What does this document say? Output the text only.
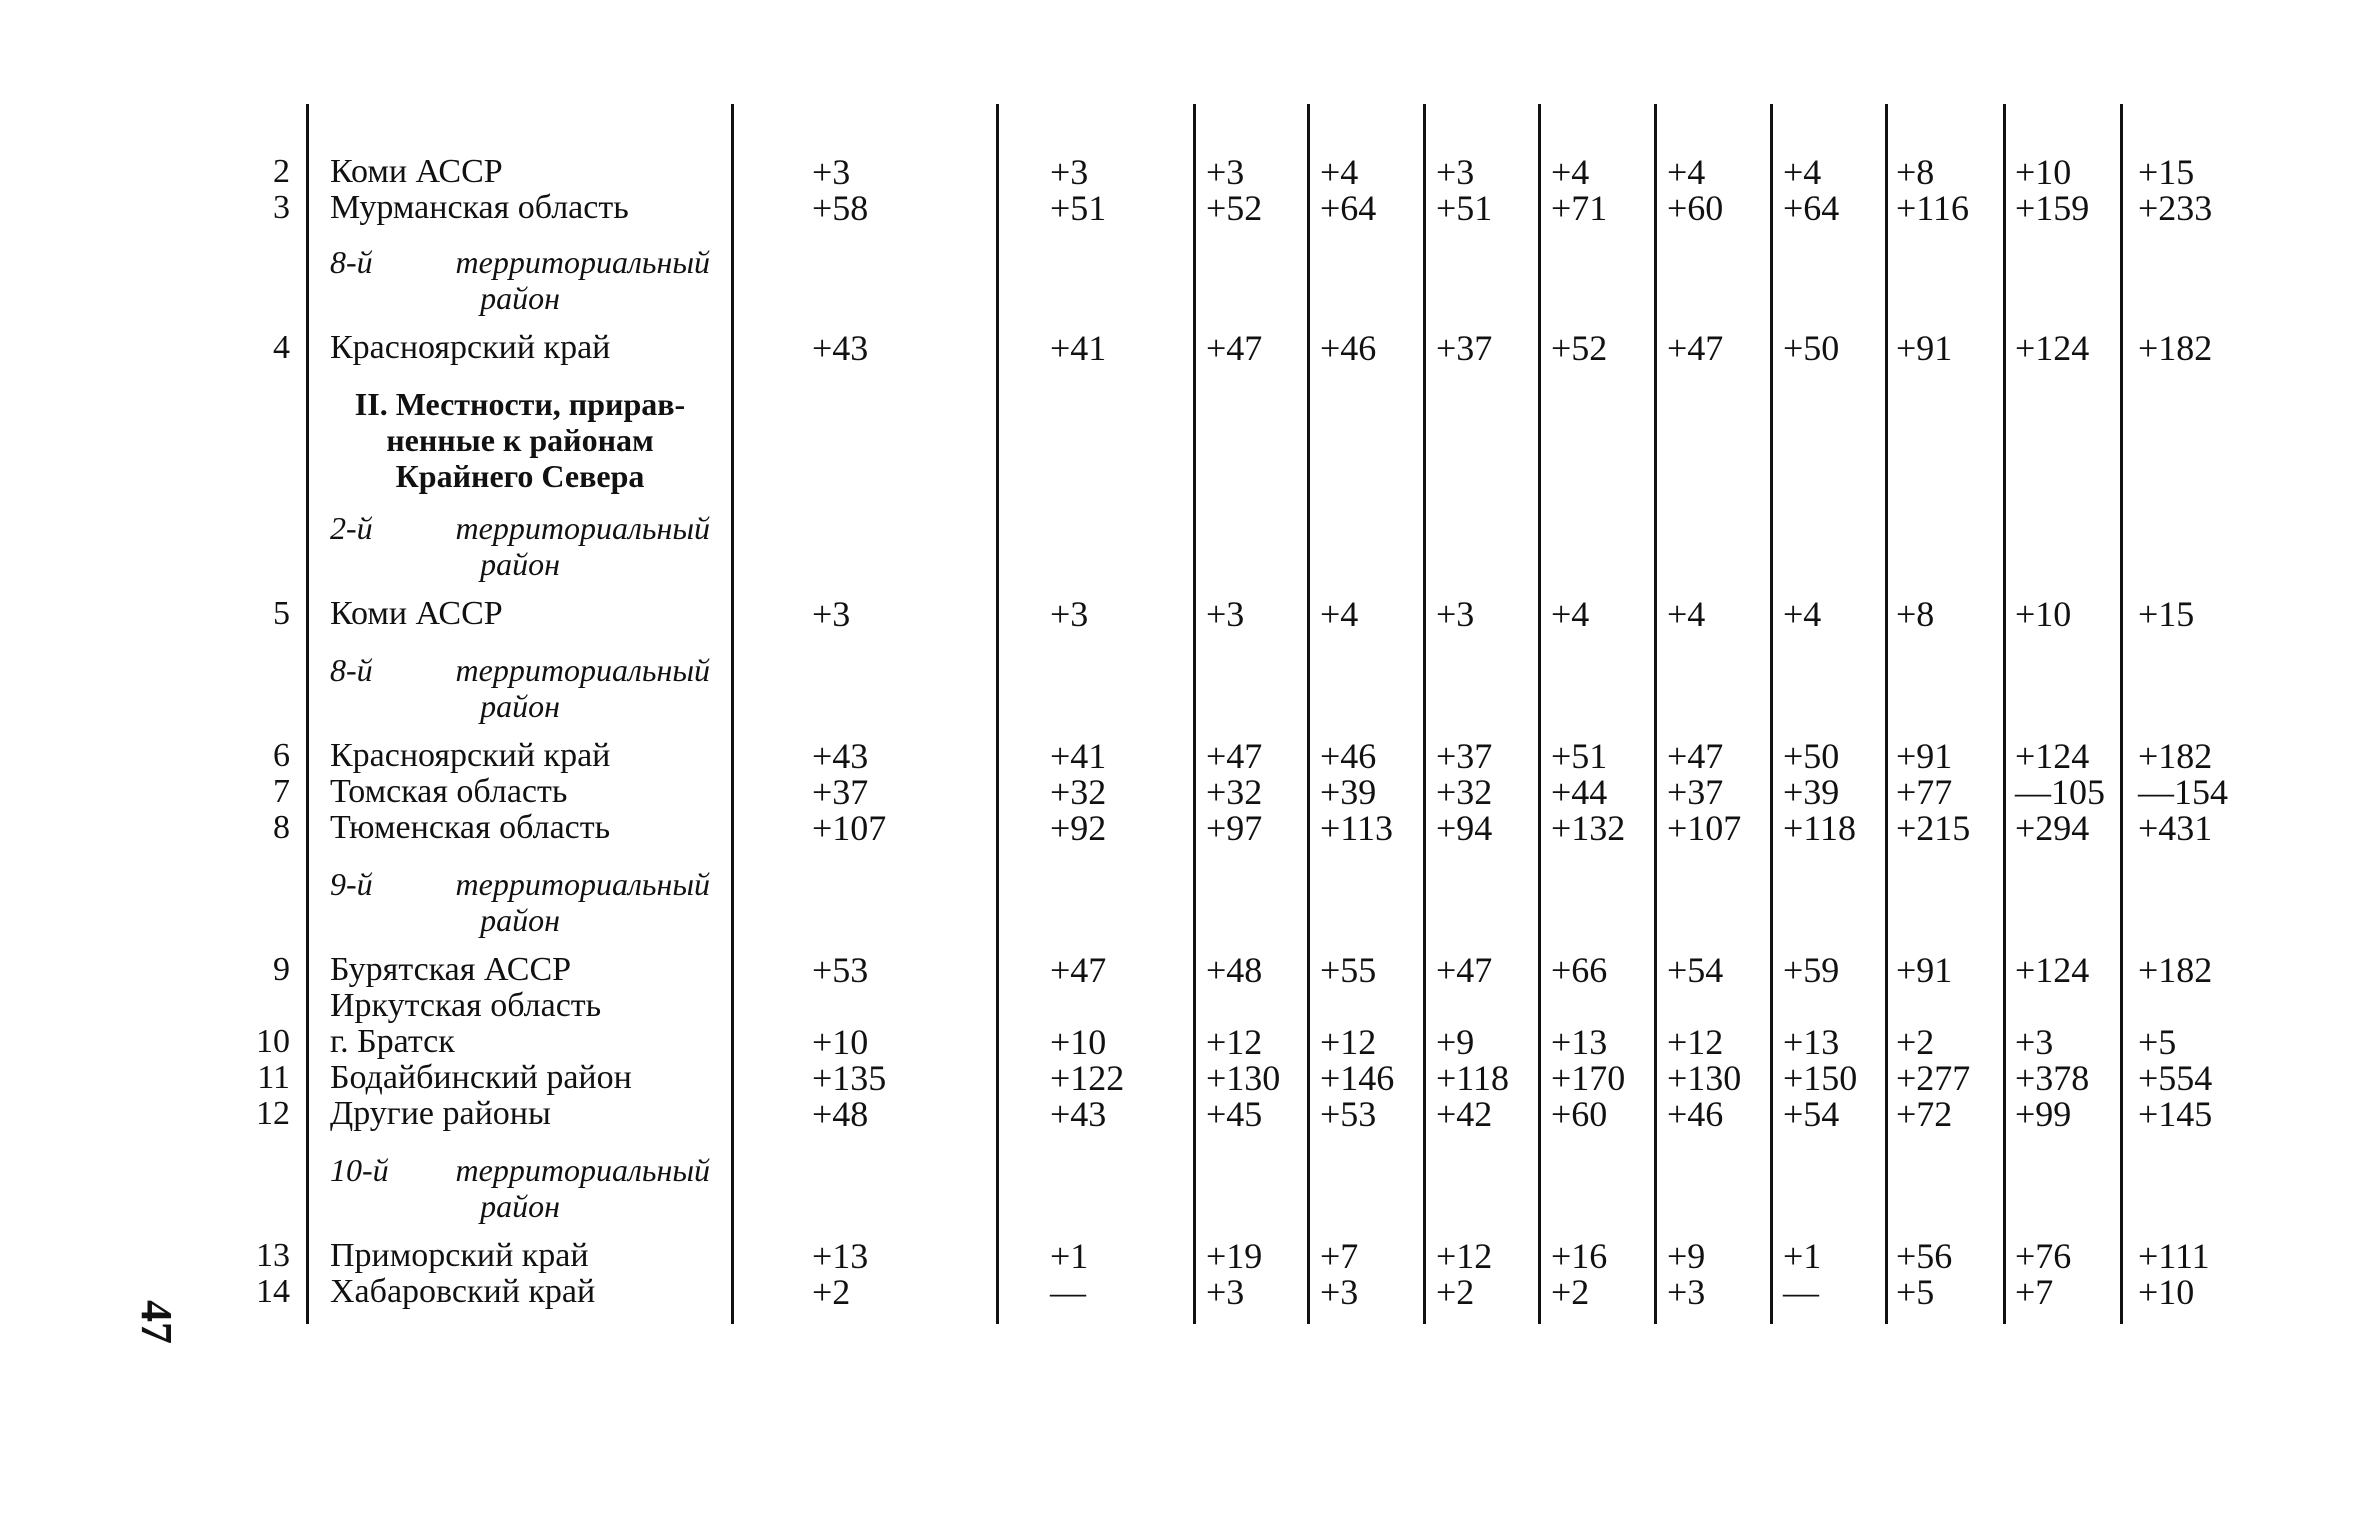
2 Коми АССР	+3	+3	+3 +4 +3 +4 +4 +4 +8 +10 +15
3 Мурманская область	+58	+51	+52 +64 +51 +71 +60 +64 +116 +159 +233
8-й	территориальный
район
4 Красноярский край	+43	+41	+47 +46 +37 +52 +47 +50 +91 +124 +182
II. Местности, прирав-
ненные к районам
Крайнего Севера
2-й	территориальный
район
5 Коми АССР	+3	+3	+3 +4 +3 +4 +4 +4 +8 +10 +15
8-й	территориальный
район
6 Красноярский край	+43	+41	+47 +46 +37 +51 +47 +50 +91 +124 +182
7 Томская область	+37	+32	+32 +39 +32 +44 +37 +39 +77 —105 —154
8 Тюменская область	+107	+92	+97 +113 +94 +132 +107 +118 +215 +294 +431
9-й	территориальный
район
9 Бурятская АССР	+53	+47	+48 +55 +47 +66 +54 +59 +91 +124 +182
Иркутская область
10 г. Братск	+10	+10	+12 +12 +9 +13 +12 +13 +2 +3 +5
11 Бодайбинский район	+135	+122 +130 +146 +118 +170 +130 +150 +277 +378 +554
12 Другие районы	+48	+43	+45 +53 +42 +60 +46 +54 +72 +99 +145
10-й территориальный
район
13 Приморский край	+13	+1	+19 +7 +12 +16 +9 +1 +56 +76 +111
14 Хабаровский край	+2	—	+3 +3 +2 +2 +3 — +5 +7 +10
47
